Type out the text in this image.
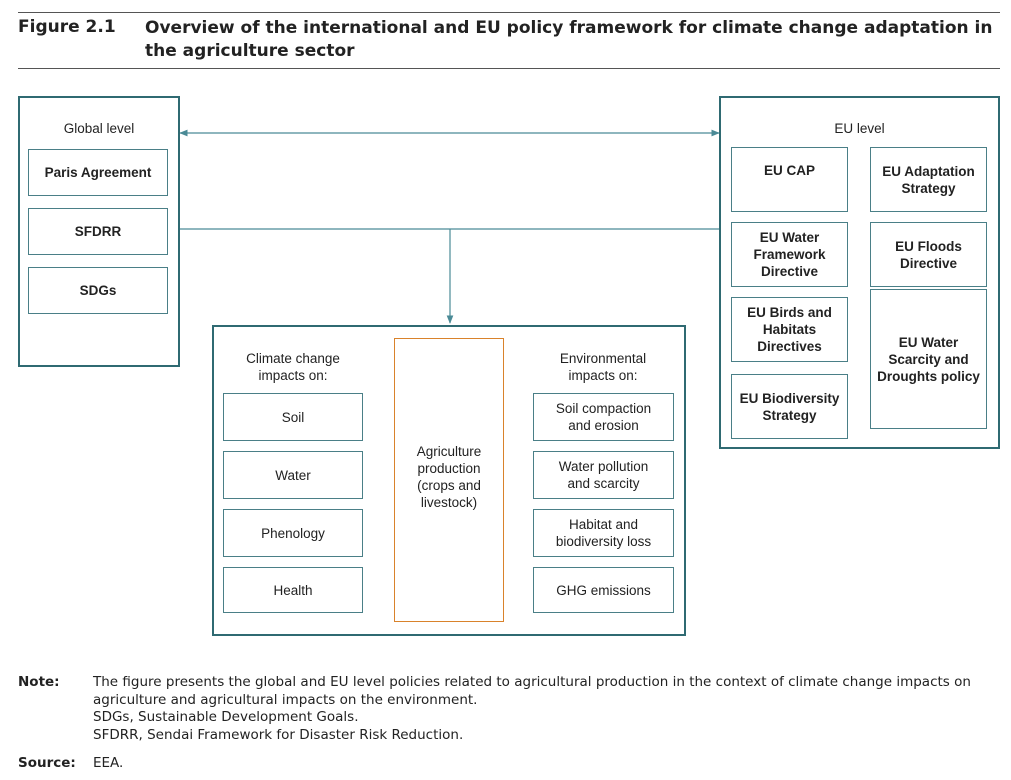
Figure 2.1 Overview of the international and EU policy framework for climate change adaptation in the agriculture sector
Global level
Paris Agreement
SFDRR
SDGs
EU level
EU CAP	EU Adaptation Strategy
EU Water Framework Directive
EU Floods Directive
EU Birds and Habitats Directives	EU Water Scarcity and Droughts policy
EU Biodiversity Strategy
Climate change
impacts on:
Environmental
impacts on:
Soil
Water
Phenology
Health
Agriculture
production
(crops and
livestock)
Soil compaction
and erosion
Water pollution
and scarcity
Habitat and
biodiversity loss
GHG emissions
Note: The figure presents the global and EU level policies related to agricultural production in the context of climate change impacts on agriculture and agricultural impacts on the environment.
SDGs, Sustainable Development Goals.
SFDRR, Sendai Framework for Disaster Risk Reduction.
Source: EEA.
